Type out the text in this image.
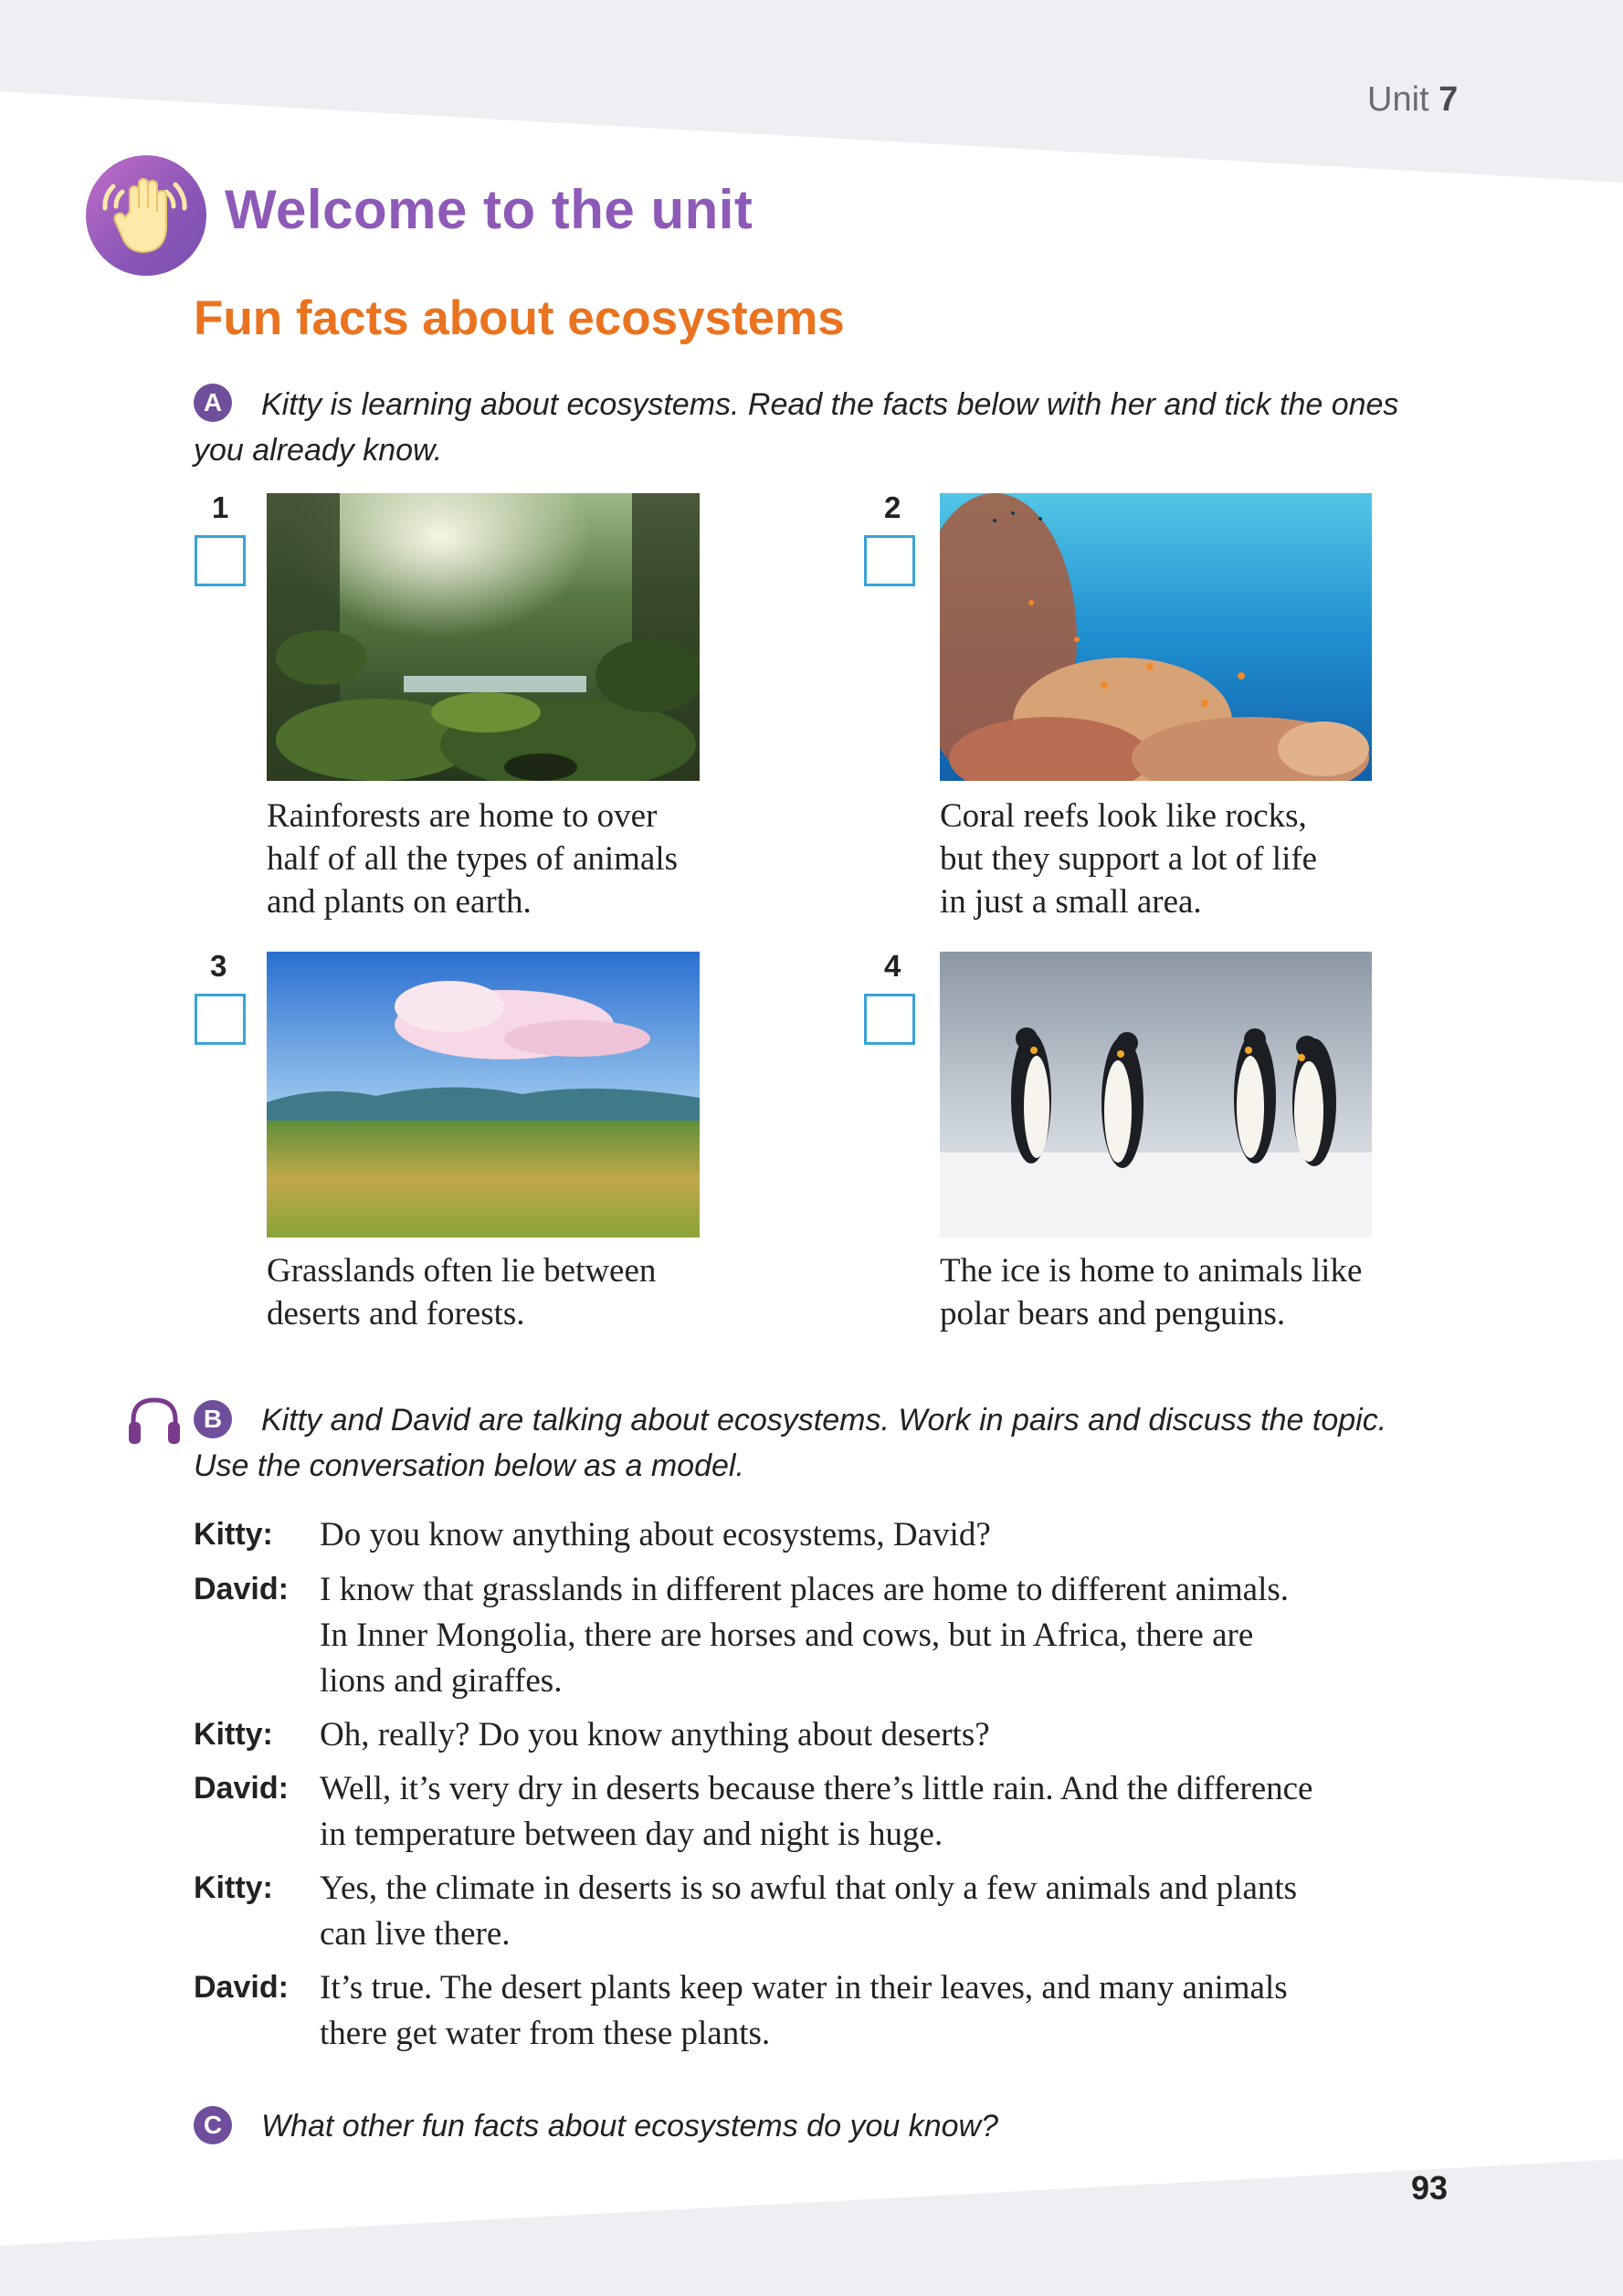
Unit 7
Welcome to the unit
Fun facts about ecosystems
A	Kitty is learning about ecosystems. Read the facts below with her and tick the ones
you already know.
1
Rainforests are home to over
half of all the types of animals
and plants on earth.
2
Coral reefs look like rocks,
but they support a lot of life
in just a small area.
3
Grasslands often lie between
deserts and forests.
4
The ice is home to animals like
polar bears and penguins.
B	Kitty and David are talking about ecosystems. Work in pairs and discuss the topic.
Use the conversation below as a model.
Kitty: Do you know anything about ecosystems, David?
David: I know that grasslands in different places are home to different animals.
In Inner Mongolia, there are horses and cows, but in Africa, there are
lions and giraffes.
Kitty: Oh, really? Do you know anything about deserts?
David: Well, it’s very dry in deserts because there’s little rain. And the difference
in temperature between day and night is huge.
Kitty: Yes, the climate in deserts is so awful that only a few animals and plants
can live there.
David: It’s true. The desert plants keep water in their leaves, and many animals
there get water from these plants.
C	What other fun facts about ecosystems do you know?
93
